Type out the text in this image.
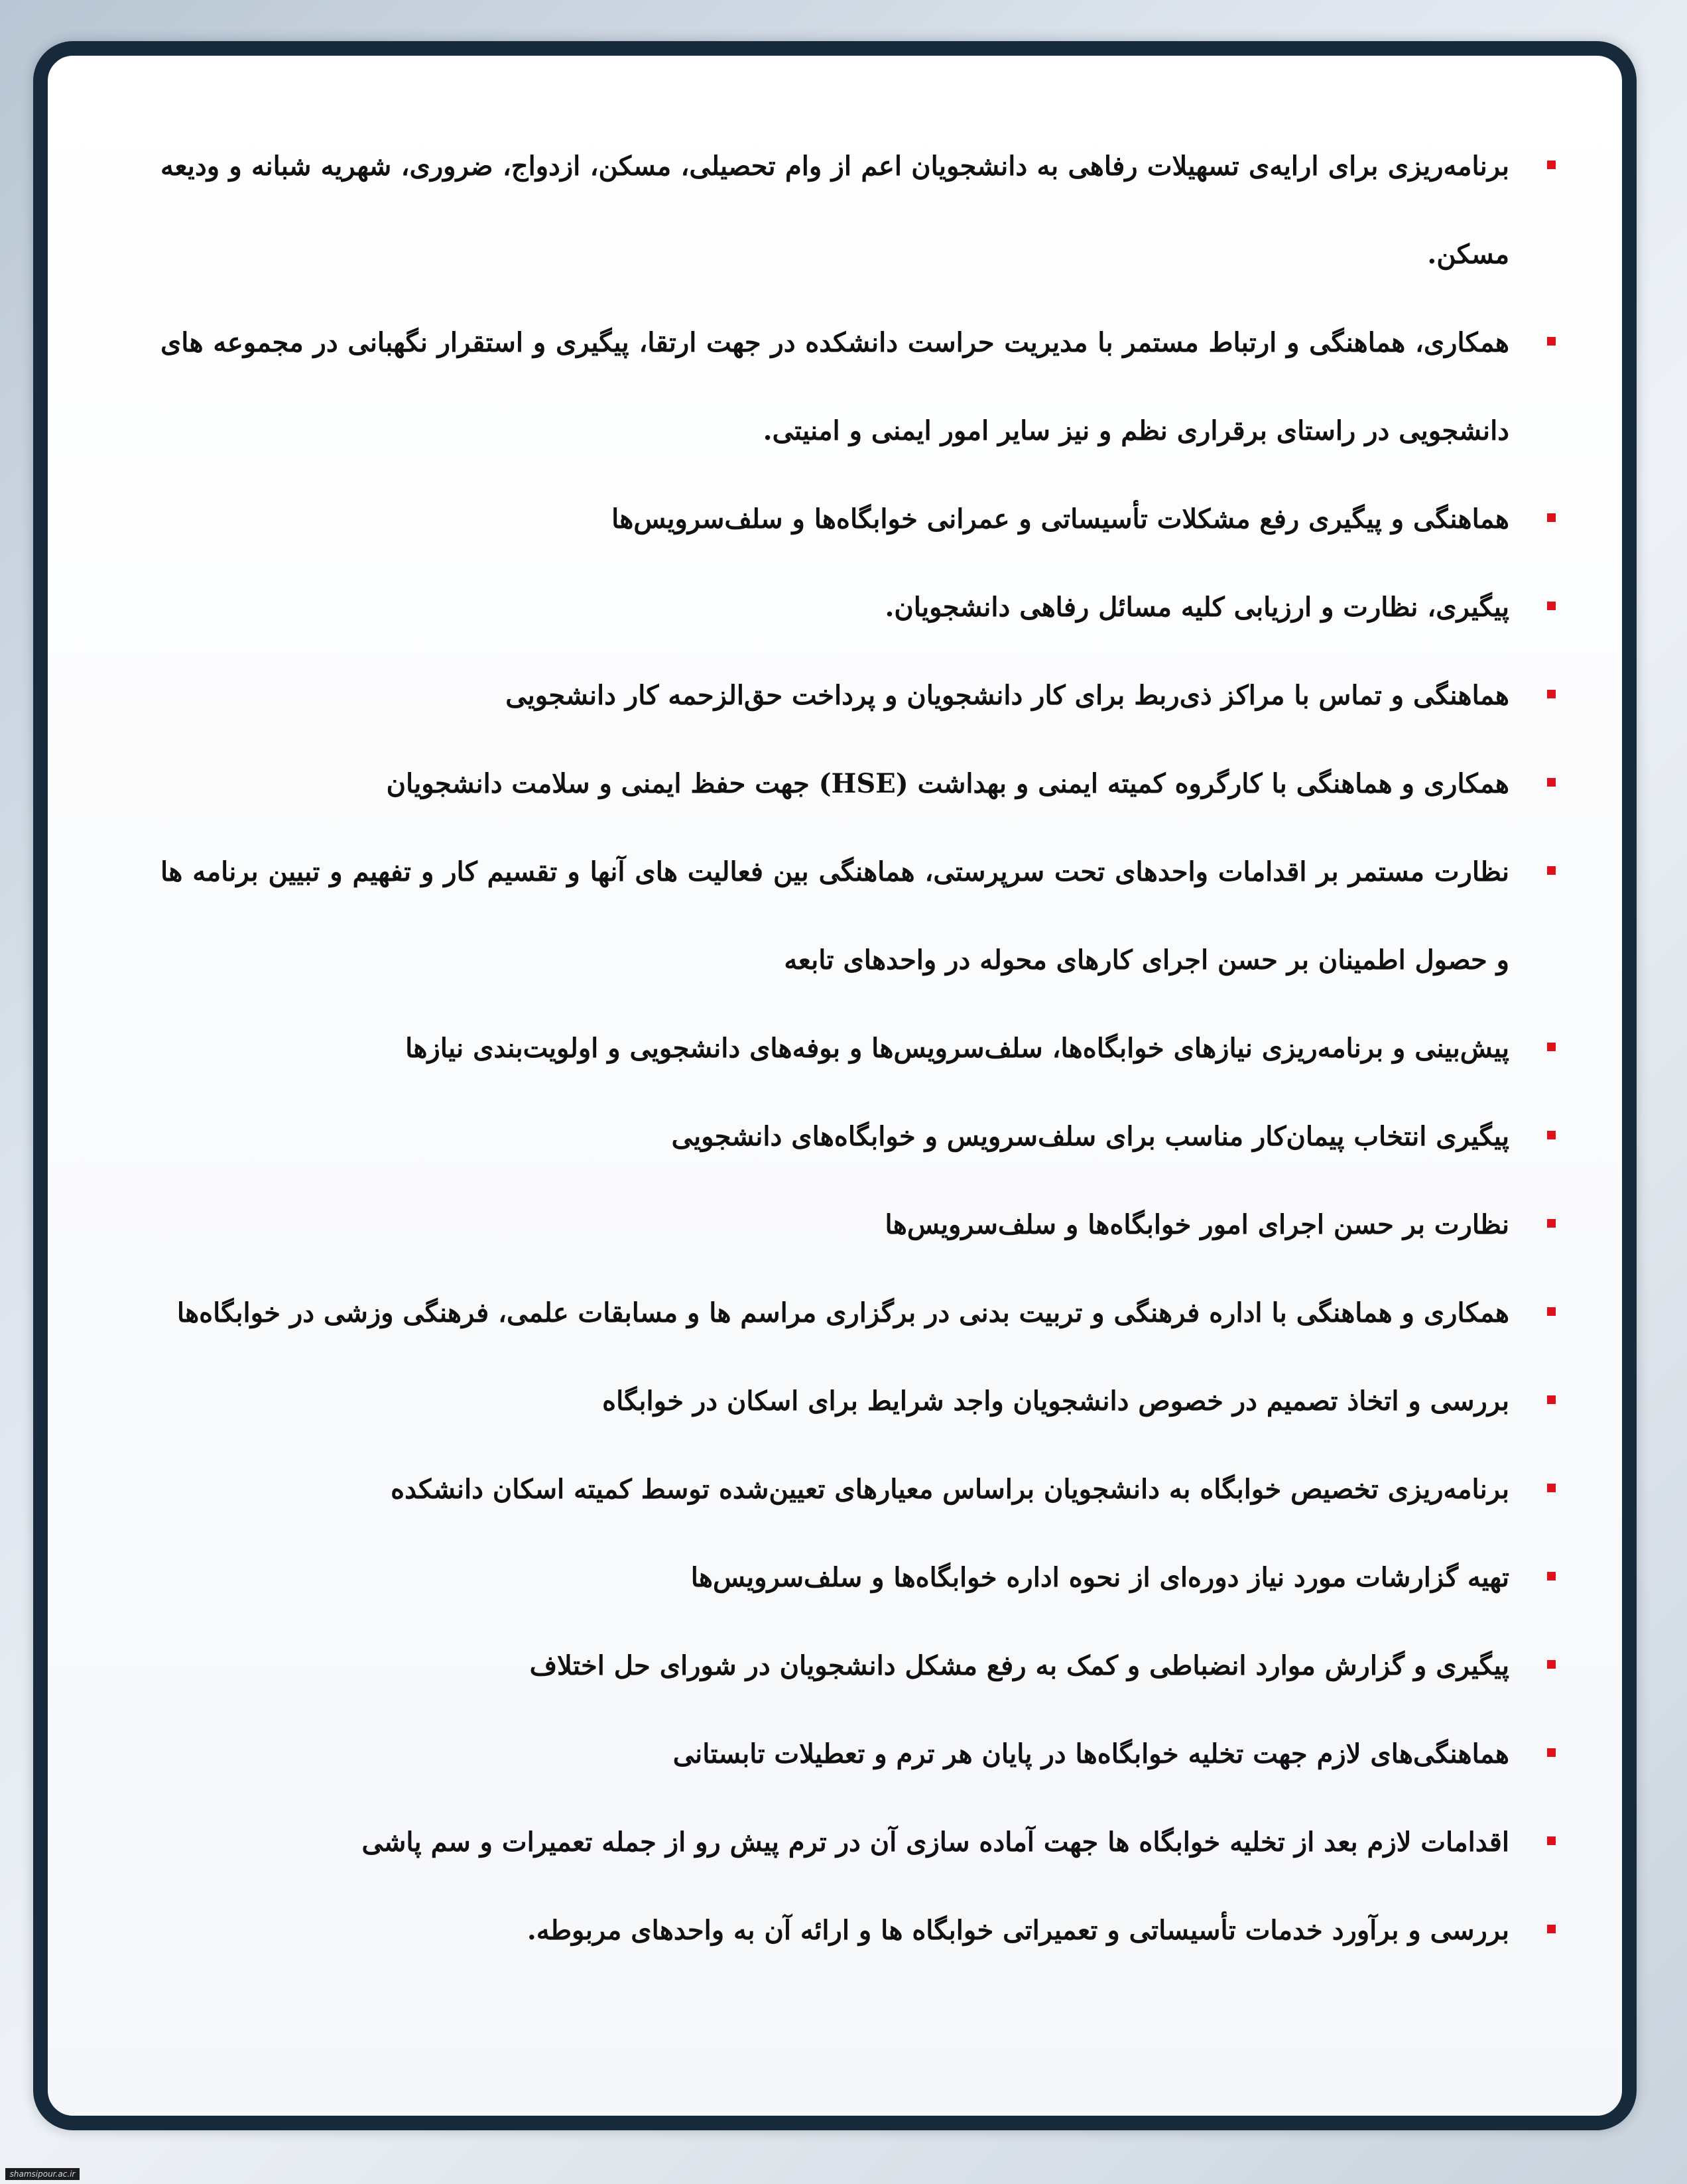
برنامه‌ریزی برای ارایه‌ی تسهیلات رفاهی به دانشجویان اعم از وام تحصیلی، مسکن، ازدواج، ضروری، شهریه شبانه و ودیعه مسکن.
همکاری، هماهنگی و ارتباط مستمر با مدیریت حراست دانشکده در جهت ارتقا، پیگیری و استقرار نگهبانی در مجموعه های دانشجویی در راستای برقراری نظم و نیز سایر امور ایمنی و امنیتی.
هماهنگی و پیگیری رفع مشکلات تأسیساتی و عمرانی خوابگاه‌ها و سلف‌سرویس‌ها
پیگیری، نظارت و ارزیابی کلیه مسائل رفاهی دانشجویان.
هماهنگی و تماس با مراکز ذی‌ربط برای کار دانشجویان و پرداخت حق‌الزحمه کار دانشجویی
همکاری و هماهنگی با کارگروه کمیته ایمنی و بهداشت (HSE) جهت حفظ ایمنی و سلامت دانشجویان
نظارت مستمر بر اقدامات واحدهای تحت سرپرستی، هماهنگی بین فعالیت های آنها و تقسیم کار و تفهیم و تبیین برنامه ها و حصول اطمینان بر حسن اجرای کارهای محوله در واحدهای تابعه
پیش‌بینی و برنامه‌ریزی نیازهای خوابگاه‌ها، سلف‌سرویس‌ها و بوفه‌های دانشجویی و اولویت‌بندی نیازها
پیگیری انتخاب پیمان‌کار مناسب برای سلف‌سرویس و خوابگاه‌های دانشجویی
نظارت بر حسن اجرای امور خوابگاه‌ها و سلف‌سرویس‌ها
همکاری و هماهنگی با اداره فرهنگی و تربیت بدنی در برگزاری مراسم ها و مسابقات علمی، فرهنگی وزشی در خوابگاه‌ها
بررسی و اتخاذ تصمیم در خصوص دانشجویان واجد شرایط برای اسکان در خوابگاه
برنامه‌ریزی تخصیص خوابگاه به دانشجویان براساس معیارهای تعیین‌شده توسط کمیته اسکان دانشکده
تهیه گزارشات مورد نیاز دوره‌ای از نحوه اداره خوابگاه‌ها و سلف‌سرویس‌ها
پیگیری و گزارش موارد انضباطی و کمک به رفع مشکل دانشجویان در شورای حل اختلاف
هماهنگی‌های لازم جهت تخلیه خوابگاه‌ها در پایان هر ترم و تعطیلات تابستانی
اقدامات لازم بعد از تخلیه خوابگاه ها جهت آماده سازی آن در ترم پیش رو از جمله تعمیرات و سم پاشی
بررسی و برآورد خدمات تأسیساتی و تعمیراتی خوابگاه ها و ارائه آن به واحدهای مربوطه.
shamsipour.ac.ir
